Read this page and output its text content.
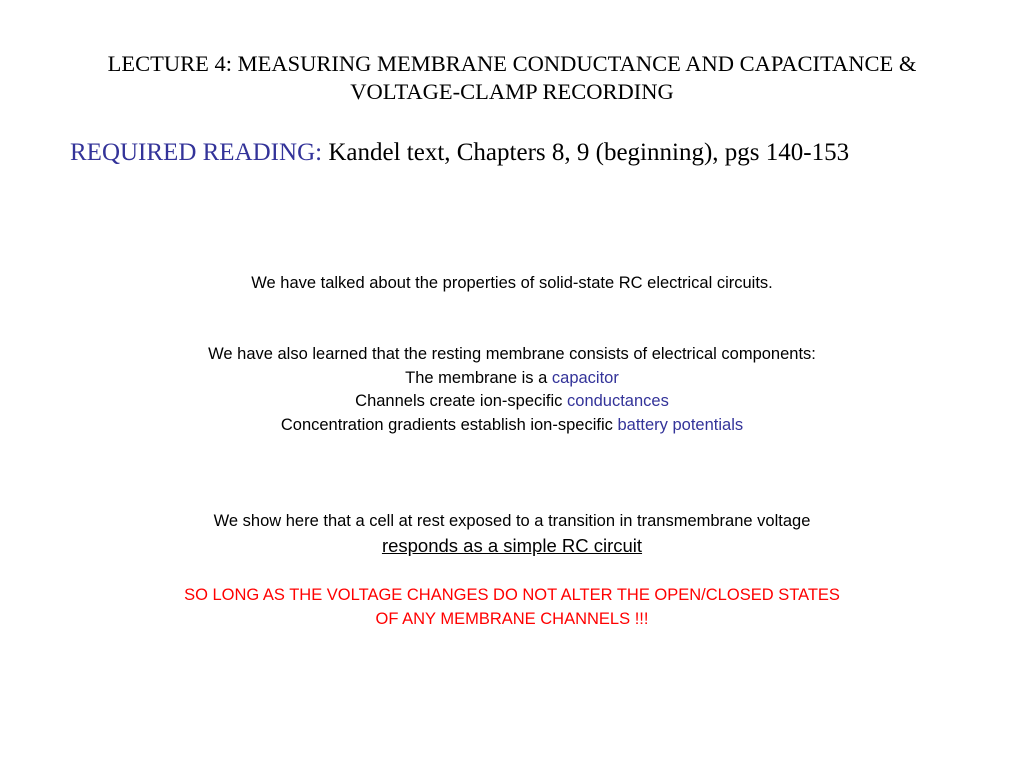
LECTURE 4: MEASURING MEMBRANE CONDUCTANCE AND CAPACITANCE &
VOLTAGE-CLAMP RECORDING
REQUIRED READING: Kandel text, Chapters 8, 9 (beginning), pgs 140-153
We have talked about the properties of solid-state RC electrical circuits.
We have also learned that the resting membrane consists of electrical components:
The membrane is a capacitor
Channels create ion-specific conductances
Concentration gradients establish ion-specific battery potentials
We show here that a cell at rest exposed to a transition in transmembrane voltage
responds as a simple RC circuit
SO LONG AS THE VOLTAGE CHANGES DO NOT ALTER THE OPEN/CLOSED STATES
OF ANY MEMBRANE CHANNELS !!!
